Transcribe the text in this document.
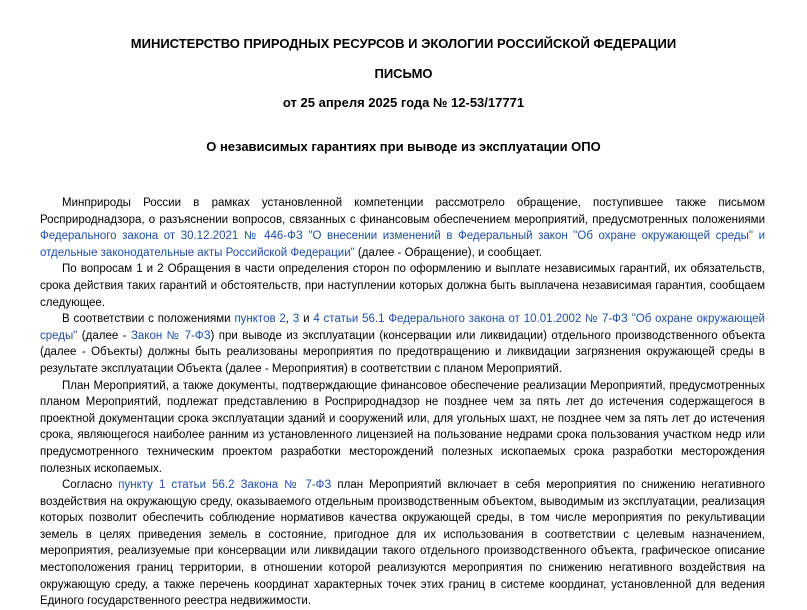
МИНИСТЕРСТВО ПРИРОДНЫХ РЕСУРСОВ И ЭКОЛОГИИ РОССИЙСКОЙ ФЕДЕРАЦИИ
ПИСЬМО
от 25 апреля 2025 года № 12-53/17771
О независимых гарантиях при выводе из эксплуатации ОПО

Минприроды России в рамках установленной компетенции рассмотрело обращение, поступившее также письмом Росприроднадзора, о разъяснении вопросов, связанных с финансовым обеспечением мероприятий, предусмотренных положениями Федерального закона от 30.12.2021 № 446-ФЗ "О внесении изменений в Федеральный закон "Об охране окружающей среды" и отдельные законодательные акты Российской Федерации" (далее - Обращение), и сообщает.

По вопросам 1 и 2 Обращения в части определения сторон по оформлению и выплате независимых гарантий, их обязательств, срока действия таких гарантий и обстоятельств, при наступлении которых должна быть выплачена независимая гарантия, сообщаем следующее.

В соответствии с положениями пунктов 2, 3 и 4 статьи 56.1 Федерального закона от 10.01.2002 № 7-ФЗ "Об охране окружающей среды" (далее - Закон № 7-ФЗ) при выводе из эксплуатации (консервации или ликвидации) отдельного производственного объекта (далее - Объекты) должны быть реализованы мероприятия по предотвращению и ликвидации загрязнения окружающей среды в результате эксплуатации Объекта (далее - Мероприятия) в соответствии с планом Мероприятий.

План Мероприятий, а также документы, подтверждающие финансовое обеспечение реализации Мероприятий, предусмотренных планом Мероприятий, подлежат представлению в Росприроднадзор не позднее чем за пять лет до истечения содержащегося в проектной документации срока эксплуатации зданий и сооружений или, для угольных шахт, не позднее чем за пять лет до истечения срока, являющегося наиболее ранним из установленного лицензией на пользование недрами срока пользования участком недр или предусмотренного техническим проектом разработки месторождений полезных ископаемых срока разработки месторождения полезных ископаемых.

Согласно пункту 1 статьи 56.2 Закона № 7-ФЗ план Мероприятий включает в себя мероприятия по снижению негативного воздействия на окружающую среду, оказываемого отдельным производственным объектом, выводимым из эксплуатации, реализация которых позволит обеспечить соблюдение нормативов качества окружающей среды, в том числе мероприятия по рекультивации земель в целях приведения земель в состояние, пригодное для их использования в соответствии с целевым назначением, мероприятия, реализуемые при консервации или ликвидации такого отдельного производственного объекта, графическое описание местоположения границ территории, в отношении которой реализуются мероприятия по снижению негативного воздействия на окружающую среду, а также перечень координат характерных точек этих границ в системе координат, установленной для ведения Единого государственного реестра недвижимости.
